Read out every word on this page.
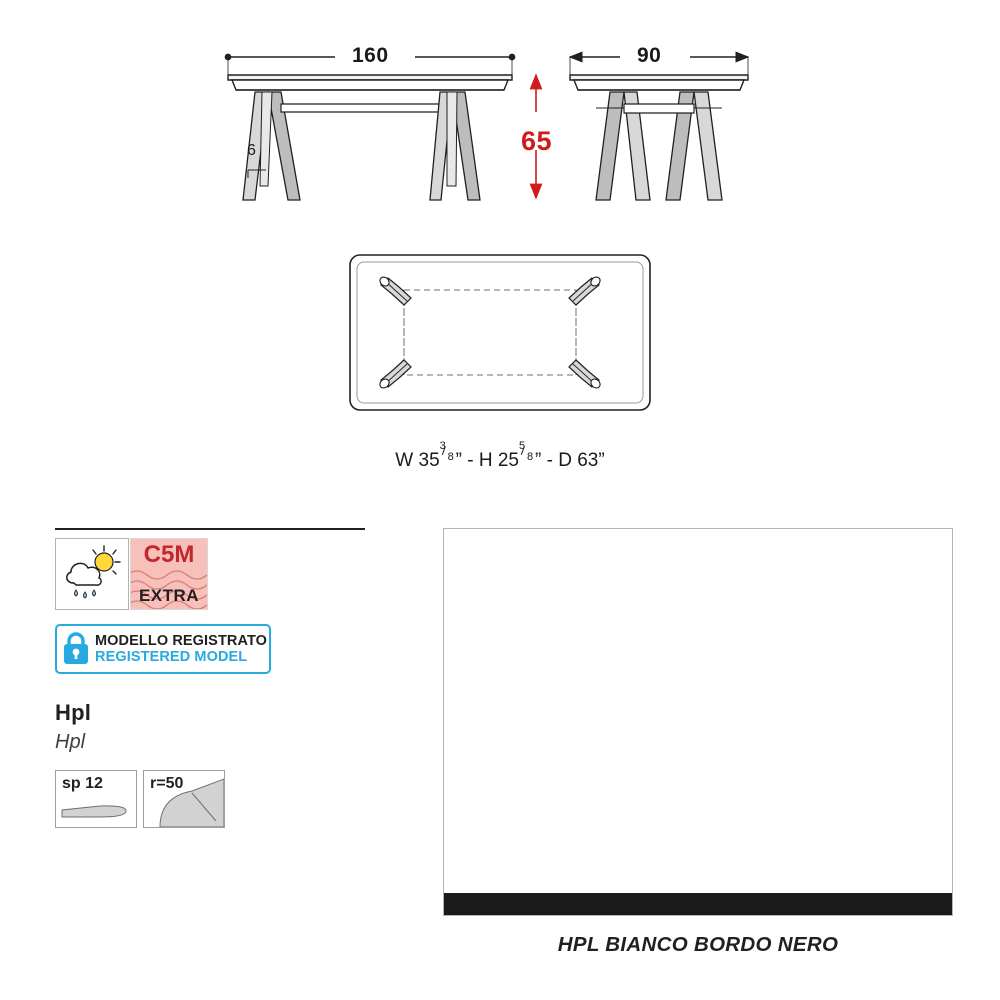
160	90
6	65
W 35
3
8 ” - H 25
5
8 ” - D 63”
C5M
EXTRA
MODELLO REGISTRATO
REGISTERED MODEL
Hpl
Hpl
sp 12	r=50
HPL BIANCO BORDO NERO
